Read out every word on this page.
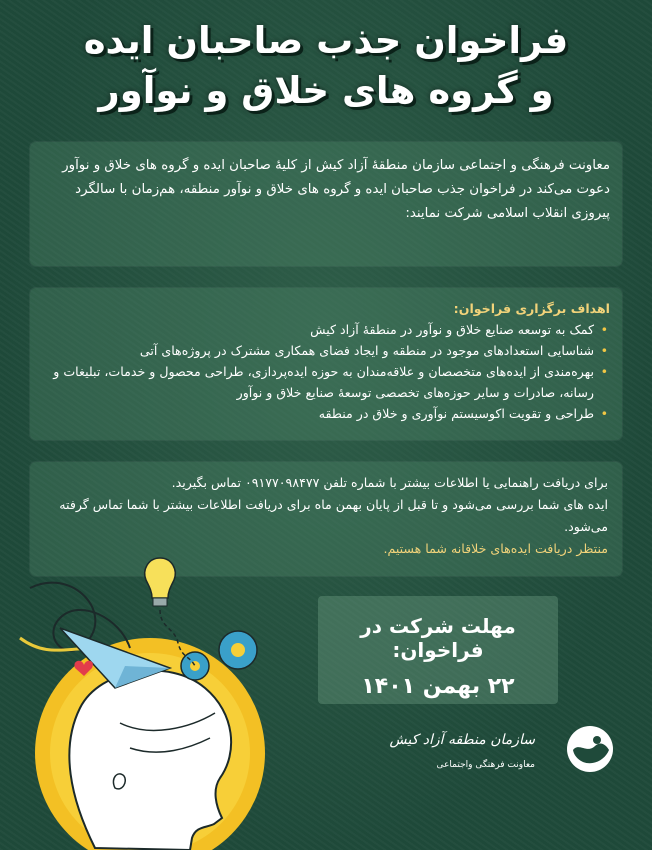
فراخوان جذب صاحبان ایده
و گروه های خلاق و نوآور
معاونت فرهنگی و اجتماعی سازمان منطقهٔ آزاد کیش از کلیهٔ صاحبان ایده و گروه های خلاق و نوآور دعوت می‌کند در فراخوان جذب صاحبان ایده و گروه های خلاق و نوآور منطقه، هم‌زمان با سالگرد پیروزی انقلاب اسلامی شرکت نمایند:
اهداف برگزاری فراخوان:
• کمک به توسعه صنایع خلاق و نوآور در منطقهٔ آزاد کیش
• شناسایی استعدادهای موجود در منطقه و ایجاد فضای همکاری مشترک در پروژه‌های آتی
• بهره‌مندی از ایده‌های متخصصان و علاقه‌مندان به حوزه ایده‌پردازی، طراحی محصول و خدمات، تبلیغات و رسانه، صادرات و سایر حوزه‌های تخصصی توسعهٔ صنایع خلاق و نوآور
• طراحی و تقویت اکوسیستم نوآوری و خلاق در منطقه
برای دریافت راهنمایی یا اطلاعات بیشتر با شماره تلفن ۰۹۱۷۷۰۹۸۴۷۷ تماس بگیرید.
ایده های شما بررسی می‌شود و تا قبل از پایان بهمن ماه برای دریافت اطلاعات بیشتر با شما تماس گرفته می‌شود.
منتظر دریافت ایده‌های خلاقانه شما هستیم.
مهلت شرکت در فراخوان:
۲۲ بهمن ۱۴۰۱
سازمان منطقه آزاد کیش
معاونت فرهنگی واجتماعی
